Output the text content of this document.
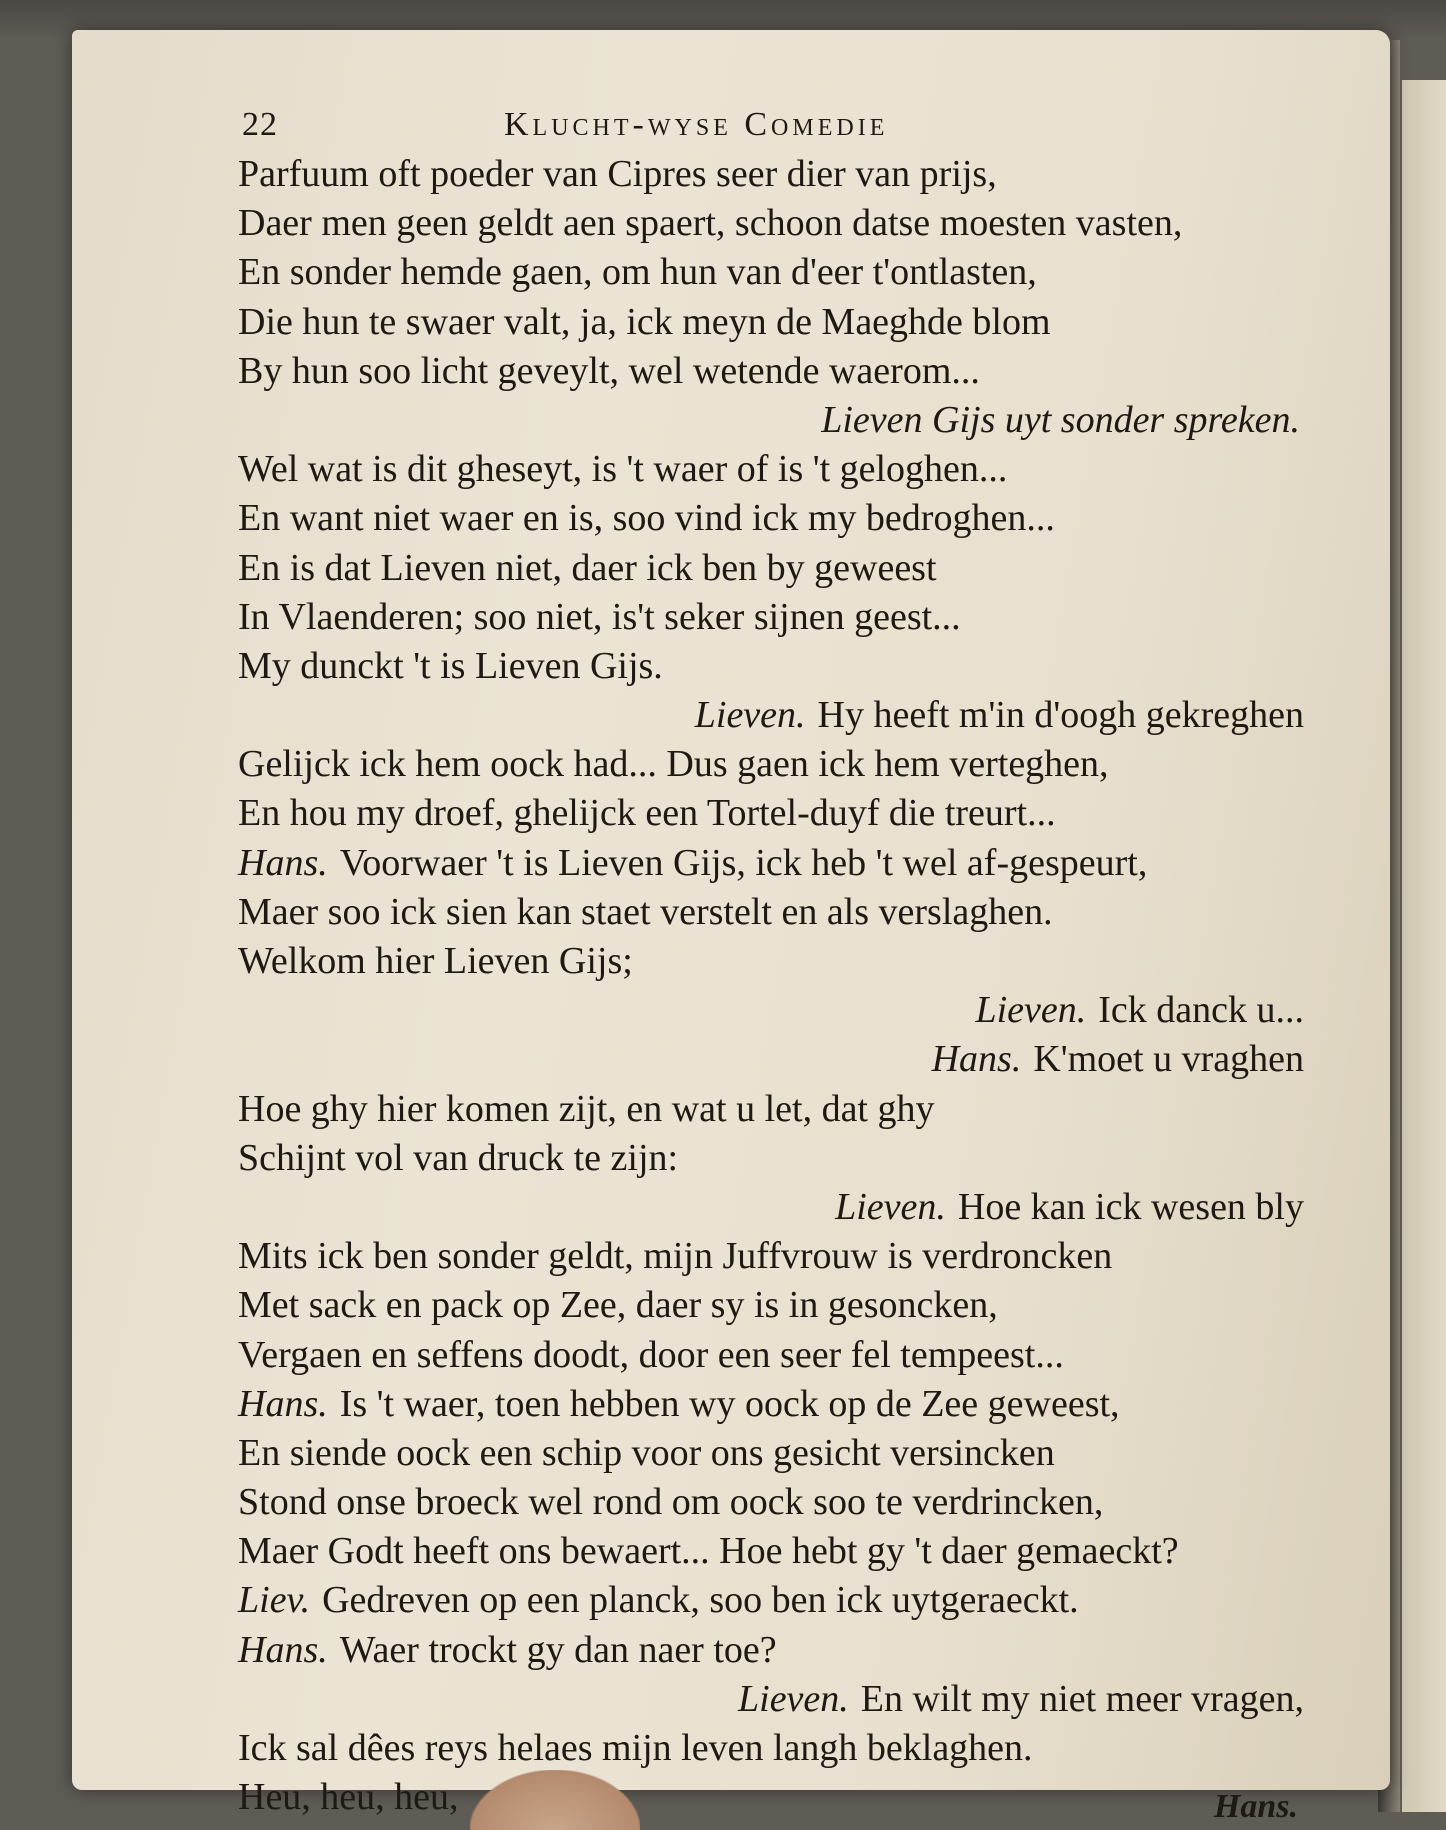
22	Klucht-wyse Comedie
Parfuum oft poeder van Cipres seer dier van prijs,
Daer men geen geldt aen spaert, schoon datse moesten vasten,
En sonder hemde gaen, om hun van d'eer t'ontlasten,
Die hun te swaer valt, ja, ick meyn de Maeghde blom
By hun soo licht geveylt, wel wetende waerom...
Lieven Gijs uyt sonder spreken.
Wel wat is dit ghеseyt, is 't waer of is 't geloghen...
En want niet waer en is, soo vind ick my bedroghen...
En is dat Lieven niet, daer ick ben by geweest
In Vlaenderen; soo niet, is't seker sijnen geest...
My dunckt 't is Lieven Gijs.
Lieven. Hy heeft m'in d'oogh gekreghen
Gelijck ick hem oock had... Dus gaen ick hem verteghen,
En hou my droef, ghelijck een Tortel-duyf die treurt...
Hans. Voorwaer 't is Lieven Gijs, ick heb 't wel af-gespeurt,
Maer soo ick sien kan staet verstelt en als verslaghen.
Welkom hier Lieven Gijs;
Lieven. Ick danck u...
Hans. K'moet u vraghen
Hoe ghy hier komen zijt, en wat u let, dat ghy
Schijnt vol van druck te zijn:
Lieven. Hoe kan ick wesen bly
Mits ick ben sonder geldt, mijn Juffvrouw is verdroncken
Met sack en pack op Zee, daer sy is in gesoncken,
Vergaen en seffens doodt, door een seer fel tempeest...
Hans. Is 't waer, toen hebben wy oock op de Zee geweest,
En siende oock een schip voor ons gesicht versincken
Stond onse broeck wel rond om oock soo te verdrincken,
Maer Godt heeft ons bewaert... Hoe hebt gy 't daer gemaeckt?
Liev. Gedreven op een planck, soo ben ick uytgeraeckt.
Hans. Waer trockt gy dan naer toe?
Lieven. En wilt my niet meer vragen,
Ick sal dêes reys helaes mijn leven langh beklaghen.
Heu, heu, heu,	Hans.
